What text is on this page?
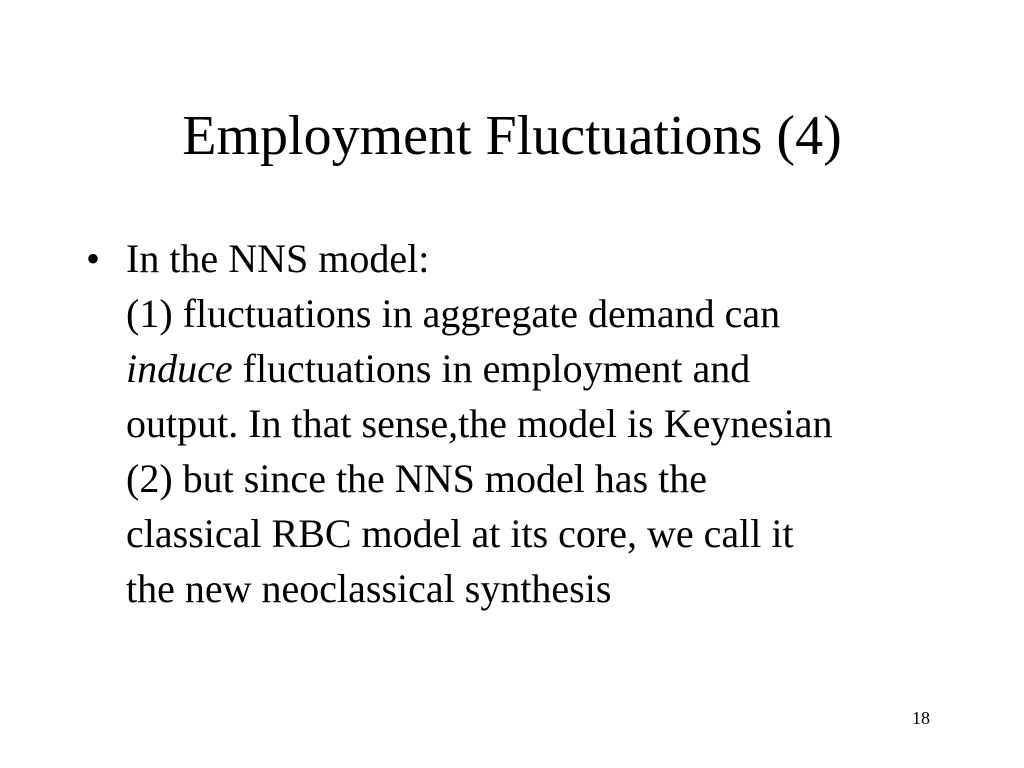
Employment Fluctuations (4)
• In the NNS model:
(1) fluctuations in aggregate demand can
induce fluctuations in employment and
output. In that sense,the model is Keynesian
(2) but since the NNS model has the
classical RBC model at its core, we call it
the new neoclassical synthesis
18
